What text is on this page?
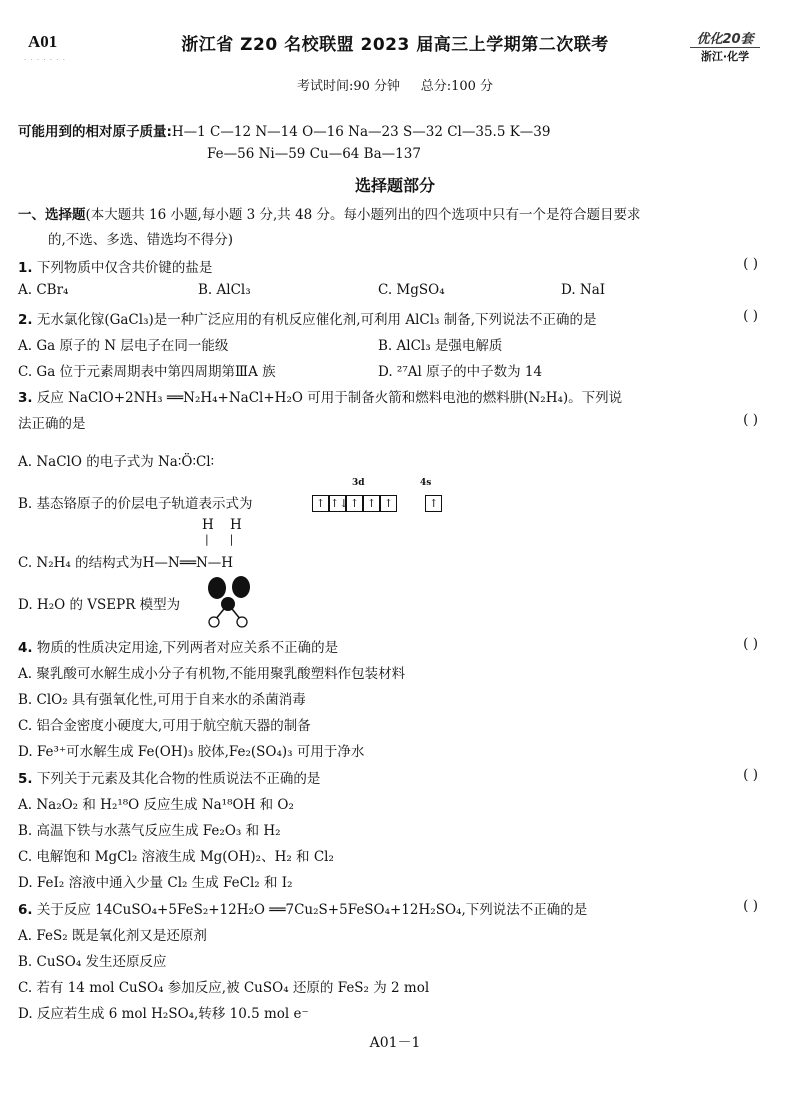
A01
· · · · · · ·
浙江省 Z20 名校联盟 2023 届高三上学期第二次联考	优化20套
浙江·化学
考试时间:90 分钟 总分:100 分
可能用到的相对原子质量:H—1 C—12 N—14 O—16 Na—23 S—32 Cl—35.5 K—39
Fe—56 Ni—59 Cu—64 Ba—137
选择题部分
一、选择题(本大题共 16 小题,每小题 3 分,共 48 分。每小题列出的四个选项中只有一个是符合题目要求
的,不选、多选、错选均不得分)
1. 下列物质中仅含共价键的盐是	( )
A. CBr₄	B. AlCl₃	C. MgSO₄	D. NaI
2. 无水氯化镓(GaCl₃)是一种广泛应用的有机反应催化剂,可利用 AlCl₃ 制备,下列说法不正确的是	( )
A. Ga 原子的 N 层电子在同一能级	B. AlCl₃ 是强电解质
C. Ga 位于元素周期表中第四周期第ⅢA 族	D. ²⁷Al 原子的中子数为 14
3. 反应 NaClO+2NH₃ ══N₂H₄+NaCl+H₂O 可用于制备火箭和燃料电池的燃料肼(N₂H₄)。下列说
法正确的是	( )
A. NaClO 的电子式为 Na∶Ö∶Cl∶
B. 基态铬原子的价层电子轨道表示式为
3d	4s
↑ ↑↓↑ ↑ ↑	↑
H H
|      |
C. N₂H₄ 的结构式为H—N══N—H
D. H₂O 的 VSEPR 模型为
4. 物质的性质决定用途,下列两者对应关系不正确的是	( )
A. 聚乳酸可水解生成小分子有机物,不能用聚乳酸塑料作包装材料
B. ClO₂ 具有强氧化性,可用于自来水的杀菌消毒
C. 铝合金密度小硬度大,可用于航空航天器的制备
D. Fe³⁺可水解生成 Fe(OH)₃ 胶体,Fe₂(SO₄)₃ 可用于净水
5. 下列关于元素及其化合物的性质说法不正确的是	( )
A. Na₂O₂ 和 H₂¹⁸O 反应生成 Na¹⁸OH 和 O₂
B. 高温下铁与水蒸气反应生成 Fe₂O₃ 和 H₂
C. 电解饱和 MgCl₂ 溶液生成 Mg(OH)₂、H₂ 和 Cl₂
D. FeI₂ 溶液中通入少量 Cl₂ 生成 FeCl₂ 和 I₂
6. 关于反应 14CuSO₄+5FeS₂+12H₂O ══7Cu₂S+5FeSO₄+12H₂SO₄,下列说法不正确的是	( )
A. FeS₂ 既是氧化剂又是还原剂
B. CuSO₄ 发生还原反应
C. 若有 14 mol CuSO₄ 参加反应,被 CuSO₄ 还原的 FeS₂ 为 2 mol
D. 反应若生成 6 mol H₂SO₄,转移 10.5 mol e⁻
A01－1
